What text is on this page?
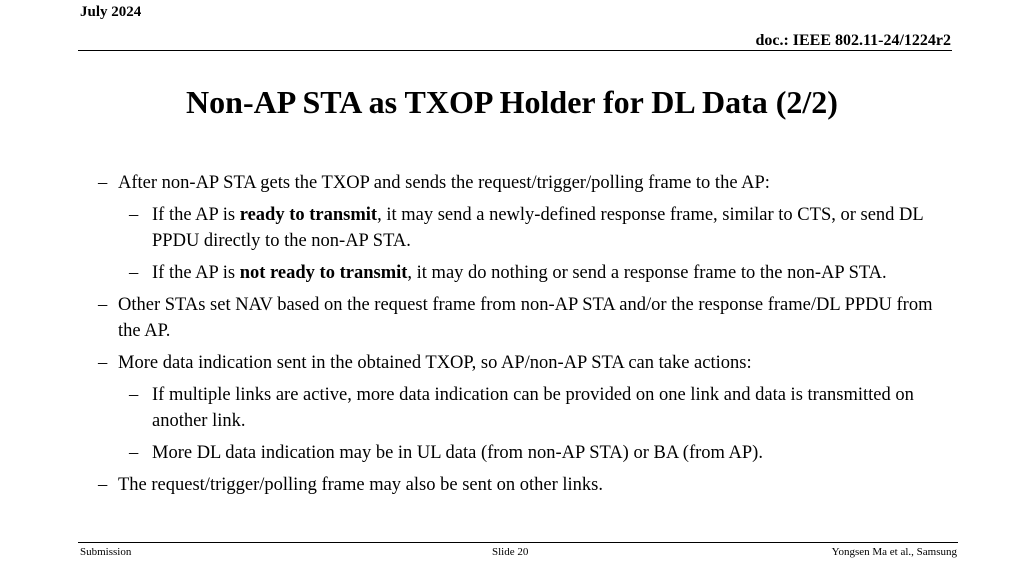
July 2024
doc.: IEEE 802.11-24/1224r2
Non-AP STA as TXOP Holder for DL Data (2/2)
– After non-AP STA gets the TXOP and sends the request/trigger/polling frame to the AP:
– If the AP is ready to transmit, it may send a newly-defined response frame, similar to CTS, or send DL PPDU directly to the non-AP STA.
– If the AP is not ready to transmit, it may do nothing or send a response frame to the non-AP STA.
– Other STAs set NAV based on the request frame from non-AP STA and/or the response frame/DL PPDU from the AP.
– More data indication sent in the obtained TXOP, so AP/non-AP STA can take actions:
– If multiple links are active, more data indication can be provided on one link and data is transmitted on another link.
– More DL data indication may be in UL data (from non-AP STA) or BA (from AP).
– The request/trigger/polling frame may also be sent on other links.
Submission	Slide 20	Yongsen Ma et al., Samsung
